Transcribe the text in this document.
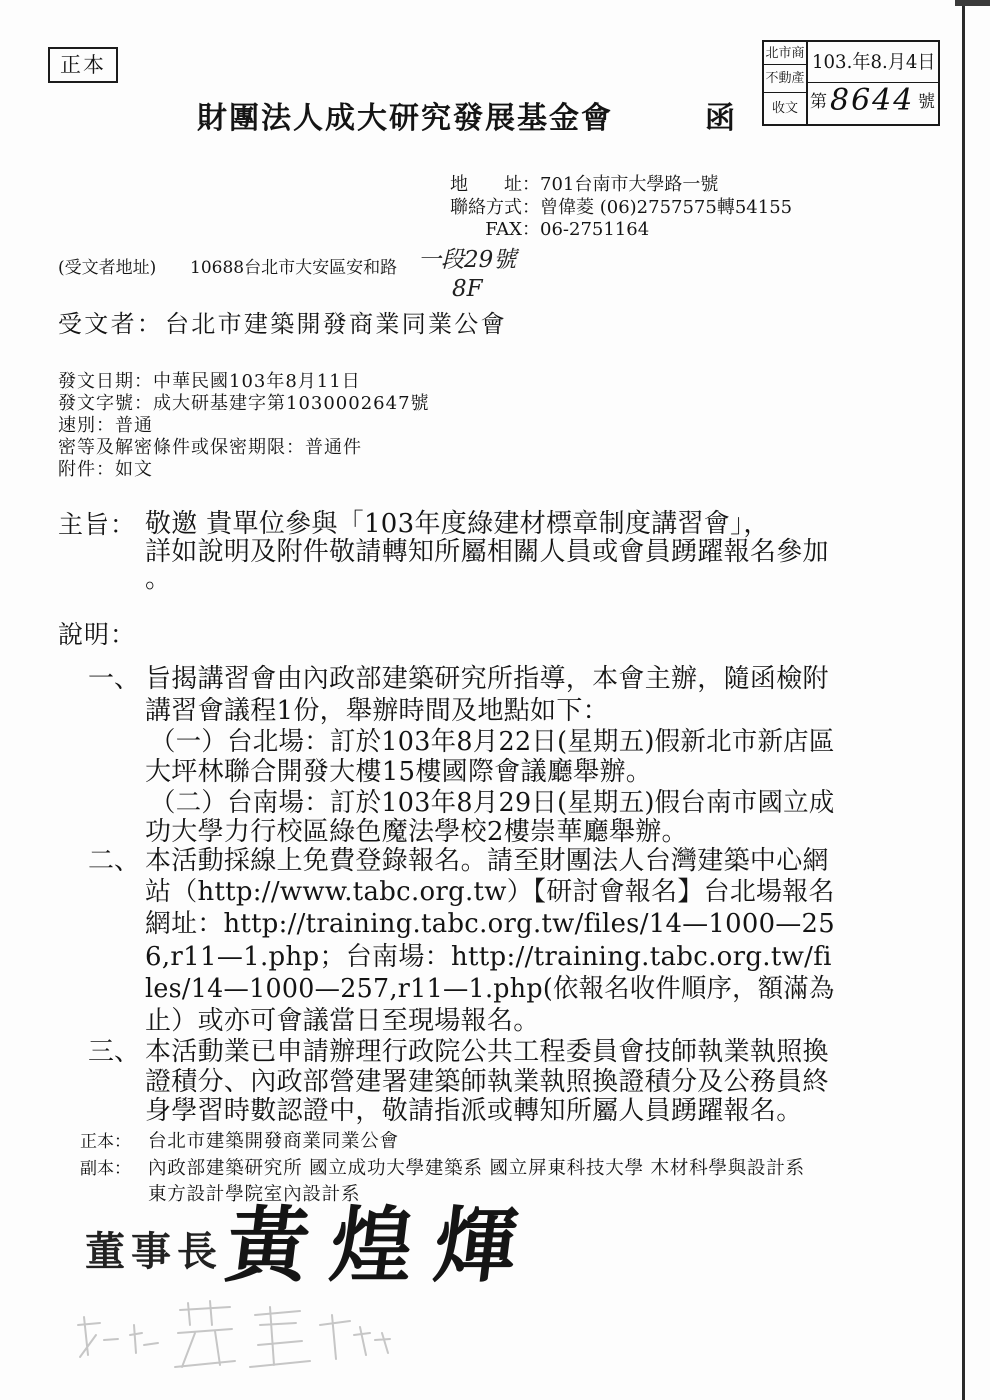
正本
財團法人成大研究發展基金會	函
北市商
不動產
收文
103.年8.月4日
第 8644 號
地　　址： 701台南市大學路一號
聯絡方式： 曾偉菱 (06)2757575轉54155
FAX： 06-2751164
(受文者地址) 10688台北市大安區安和路 一段29號
8F
受文者： 台北市建築開發商業同業公會
發文日期：中華民國103年8月11日
發文字號：成大研基建字第1030002647號
速別：普通
密等及解密條件或保密期限：普通件
附件：如文
主旨： 敬邀 貴單位參與「103年度綠建材標章制度講習會」，
詳如說明及附件敬請轉知所屬相關人員或會員踴躍報名參加
。
說明：
一、 旨揭講習會由內政部建築研究所指導，本會主辦，隨函檢附
講習會議程1份，舉辦時間及地點如下：
（一）台北場：訂於103年8月22日(星期五)假新北市新店區
大坪林聯合開發大樓15樓國際會議廳舉辦。
（二）台南場：訂於103年8月29日(星期五)假台南市國立成
功大學力行校區綠色魔法學校2樓崇華廳舉辦。
二、 本活動採線上免費登錄報名。請至財團法人台灣建築中心網
站（http://www.tabc.org.tw）【研討會報名】台北場報名
網址：http://training.tabc.org.tw/files/14—1000—25
6,r11—1.php；台南場：http://training.tabc.org.tw/fi
les/14—1000—257,r11—1.php(依報名收件順序，額滿為
止）或亦可會議當日至現場報名。
三、 本活動業已申請辦理行政院公共工程委員會技師執業執照換
證積分、內政部營建署建築師執業執照換證積分及公務員終
身學習時數認證中，敬請指派或轉知所屬人員踴躍報名。
正本： 台北市建築開發商業同業公會
副本： 內政部建築研究所 國立成功大學建築系 國立屏東科技大學 木材科學與設計系
東方設計學院室內設計系
董事長
黃煌煇
